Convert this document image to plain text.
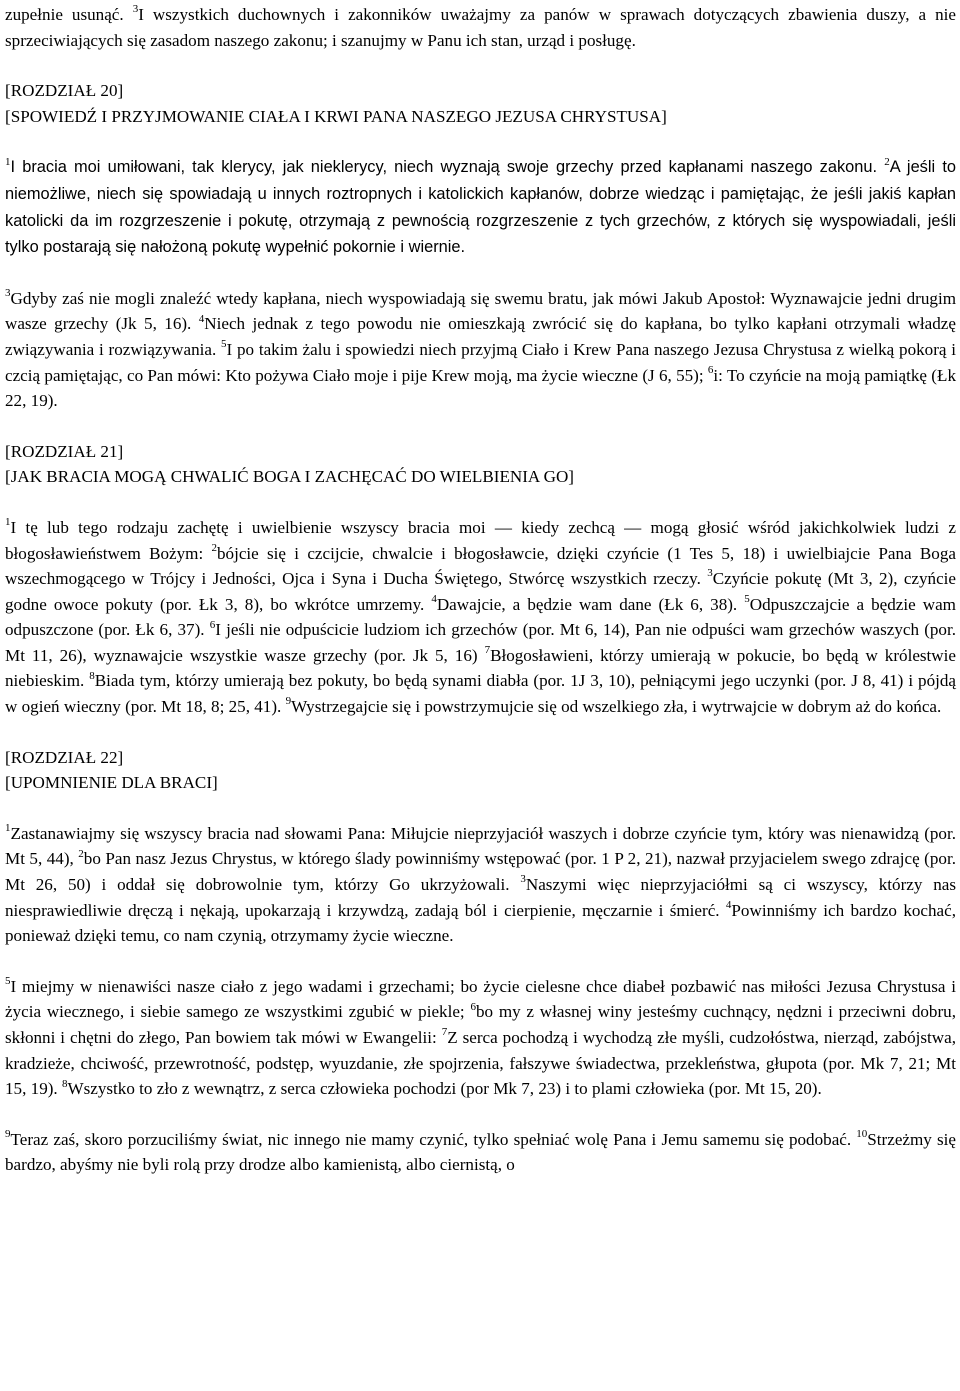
zupełnie usunąć. $^3$I wszystkich duchownych i zakonników uważajmy za panów w sprawach dotyczących zbawienia duszy, a nie sprzeciwiających się zasadom naszego zakonu; i szanujmy w Panu ich stan, urząd i posługę.

[ROZDZIAŁ 20]

[SPOWIEDŹ I PRZYJMOWANIE CIAŁA I KRWI PANA NASZEGO JEZUSA CHRYSTUSA]

$^1$I bracia moi umiłowani, tak klerycy, jak nieklerycy, niech wyznają swoje grzechy przed kapłanami naszego zakonu. $^2$A jeśli to niemożliwe, niech się spowiadają u innych roztropnych i katolickich kapłanów, dobrze wiedząc i pamiętając, że jeśli jakiś kapłan katolicki da im rozgrzeszenie i pokutę, otrzymają z pewnością rozgrzeszenie z tych grzechów, z których się wyspowiadali, jeśli tylko postarają się nałożoną pokutę wypełnić pokornie i wiernie.

$^3$Gdyby zaś nie mogli znaleźć wtedy kapłana, niech wyspowiadają się swemu bratu, jak mówi Jakub Apostoł: Wyznawajcie jedni drugim wasze grzechy (Jk 5, 16). $^4$Niech jednak z tego powodu nie omieszkają zwrócić się do kapłana, bo tylko kapłani otrzymali władzę związywania i rozwiązywania. $^5$I po takim żalu i spowiedzi niech przyjmą Ciało i Krew Pana naszego Jezusa Chrystusa z wielką pokorą i czcią pamiętając, co Pan mówi: Kto pożywa Ciało moje i pije Krew moją, ma życie wieczne (J 6, 55); $^6$i: To czyńcie na moją pamiątkę (Łk 22, 19).

[ROZDZIAŁ 21]

[JAK BRACIA MOGĄ CHWALIĆ BOGA I ZACHĘCAĆ DO WIELBIENIA GO]

$^1$I tę lub tego rodzaju zachętę i uwielbienie wszyscy bracia moi — kiedy zechcą — mogą głosić wśród jakichkolwiek ludzi z błogosławieństwem Bożym: $^2$bójcie się i czcijcie, chwalcie i błogosławcie, dzięki czyńcie (1 Tes 5, 18) i uwielbiajcie Pana Boga wszechmogącego w Trójcy i Jedności, Ojca i Syna i Ducha Świętego, Stwórcę wszystkich rzeczy. $^3$Czyńcie pokutę (Mt 3, 2), czyńcie godne owoce pokuty (por. Łk 3, 8), bo wkrótce umrzemy. $^4$Dawajcie, a będzie wam dane (Łk 6, 38). $^5$Odpuszczajcie a będzie wam odpuszczone (por. Łk 6, 37). $^6$I jeśli nie odpuścicie ludziom ich grzechów (por. Mt 6, 14), Pan nie odpuści wam grzechów waszych (por. Mt 11, 26), wyznawajcie wszystkie wasze grzechy (por. Jk 5, 16) $^7$Błogosławieni, którzy umierają w pokucie, bo będą w królestwie niebieskim. $^8$Biada tym, którzy umierają bez pokuty, bo będą synami diabła (por. 1J 3, 10), pełniącymi jego uczynki (por. J 8, 41) i pójdą w ogień wieczny (por. Mt 18, 8; 25, 41). $^9$Wystrzegajcie się i powstrzymujcie się od wszelkiego zła, i wytrwajcie w dobrym aż do końca.

[ROZDZIAŁ 22]

[UPOMNIENIE DLA BRACI]

$^1$Zastanawiajmy się wszyscy bracia nad słowami Pana: Miłujcie nieprzyjaciół waszych i dobrze czyńcie tym, który was nienawidzą (por. Mt 5, 44), $^2$bo Pan nasz Jezus Chrystus, w którego ślady powinniśmy wstępować (por. 1 P 2, 21), nazwał przyjacielem swego zdrajcę (por. Mt 26, 50) i oddał się dobrowolnie tym, którzy Go ukrzyżowali. $^3$Naszymi więc nieprzyjaciółmi są ci wszyscy, którzy nas niesprawiedliwie dręczą i nękają, upokarzają i krzywdzą, zadają ból i cierpienie, męczarnie i śmierć. $^4$Powinniśmy ich bardzo kochać, ponieważ dzięki temu, co nam czynią, otrzymamy życie wieczne.

$^5$I miejmy w nienawiści nasze ciało z jego wadami i grzechami; bo życie cielesne chce diabeł pozbawić nas miłości Jezusa Chrystusa i życia wiecznego, i siebie samego ze wszystkimi zgubić w piekle; $^6$bo my z własnej winy jesteśmy cuchnący, nędzni i przeciwni dobru, skłonni i chętni do złego, Pan bowiem tak mówi w Ewangelii: $^7$Z serca pochodzą i wychodzą złe myśli, cudzołóstwa, nierząd, zabójstwa, kradzieże, chciwość, przewrotność, podstęp, wyuzdanie, złe spojrzenia, fałszywe świadectwa, przekleństwa, głupota (por. Mk 7, 21; Mt 15, 19). $^8$Wszystko to zło z wewnątrz, z serca człowieka pochodzi (por Mk 7, 23) i to plami człowieka (por. Mt 15, 20).

$^9$Teraz zaś, skoro porzuciliśmy świat, nic innego nie mamy czynić, tylko spełniać wolę Pana i Jemu samemu się podobać. $^{10}$Strzeżmy się bardzo, abyśmy nie byli rolą przy drodze albo kamienistą, albo ciernistą, o
